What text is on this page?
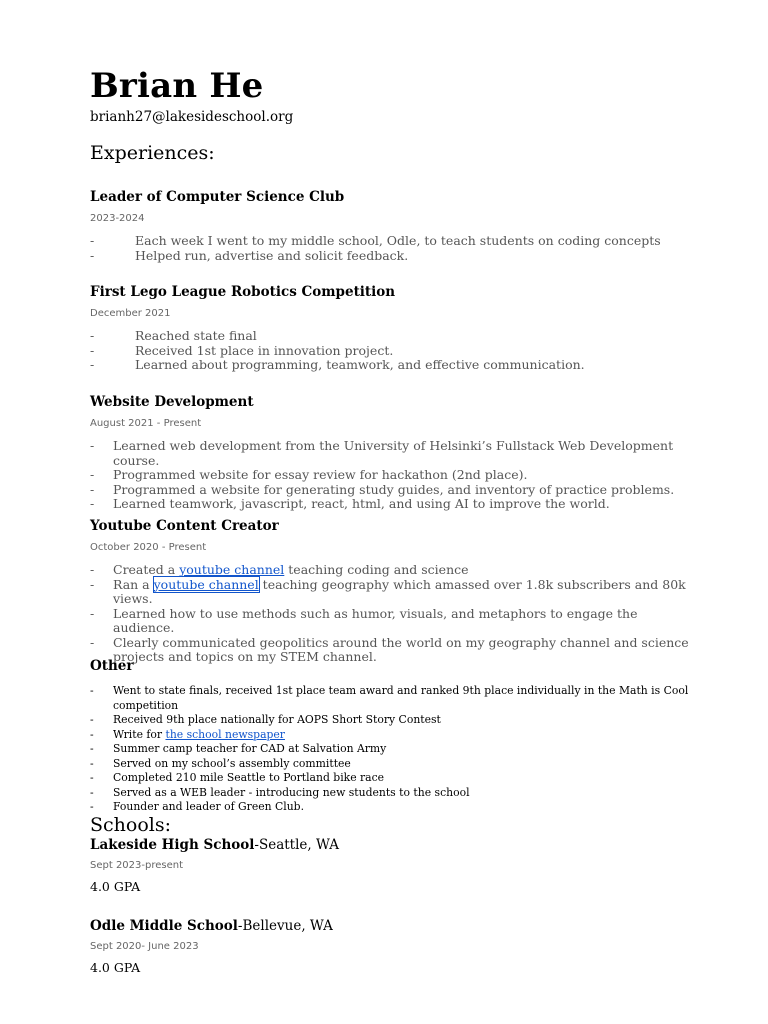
Brian He
brianh27@lakesideschool.org
Experiences:
Leader of Computer Science Club
2023-2024
-	Each week I went to my middle school, Odle, to teach students on coding concepts
-	Helped run, advertise and solicit feedback.
First Lego League Robotics Competition
December 2021
-	Reached state final
-	Received 1st place in innovation project.
-	Learned about programming, teamwork, and effective communication.
Website Development
August 2021 - Present
- Learned web development from the University of Helsinki’s Fullstack Web Development course.
- Programmed website for essay review for hackathon (2nd place).
- Programmed a website for generating study guides, and inventory of practice problems.
- Learned teamwork, javascript, react, html, and using AI to improve the world.
Youtube Content Creator
October 2020 - Present
- Created a youtube channel teaching coding and science
- Ran a youtube channel teaching geography which amassed over 1.8k subscribers and 80k views.
- Learned how to use methods such as humor, visuals, and metaphors to engage the audience.
- Clearly communicated geopolitics around the world on my geography channel and science projects and topics on my STEM channel.
Other
- Went to state finals, received 1st place team award and ranked 9th place individually in the Math is Cool competition
- Received 9th place nationally for AOPS Short Story Contest
- Write for the school newspaper
- Summer camp teacher for CAD at Salvation Army
- Served on my school’s assembly committee
- Completed 210 mile Seattle to Portland bike race
- Served as a WEB leader - introducing new students to the school
- Founder and leader of Green Club.
Schools:
Lakeside High School-Seattle, WA
Sept 2023-present
4.0 GPA
Odle Middle School-Bellevue, WA
Sept 2020- June 2023
4.0 GPA
